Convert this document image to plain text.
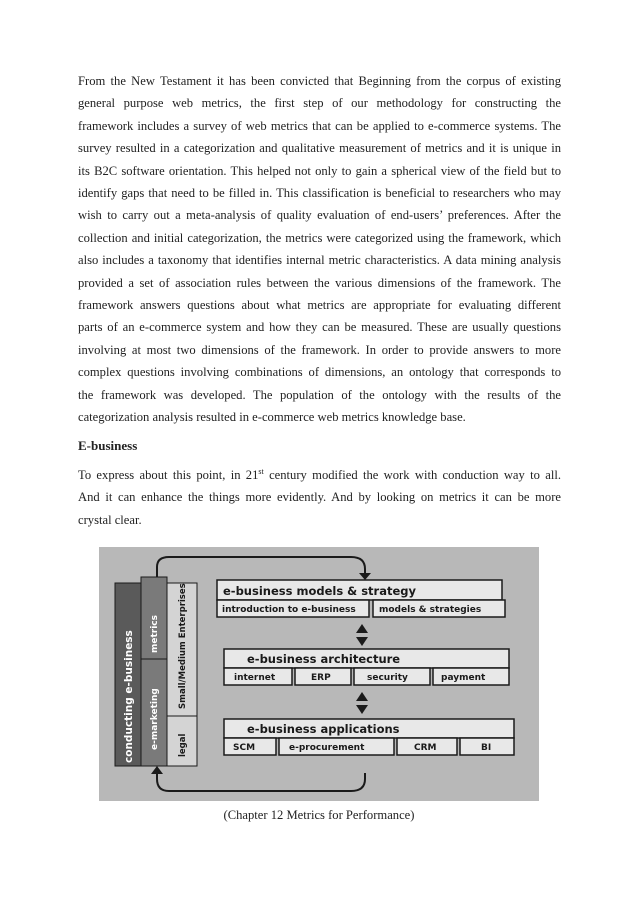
From the New Testament it has been convicted that Beginning from the corpus of existing
general purpose web metrics, the first step of our methodology for constructing the
framework includes a survey of web metrics that can be applied to e-commerce systems. The
survey resulted in a categorization and qualitative measurement of metrics and it is unique in
its B2C software orientation. This helped not only to gain a spherical view of the field but to
identify gaps that need to be filled in. This classification is beneficial to researchers who may
wish to carry out a meta-analysis of quality evaluation of end-users’ preferences. After the
collection and initial categorization, the metrics were categorized using the framework, which
also includes a taxonomy that identifies internal metric characteristics. A data mining analysis
provided a set of association rules between the various dimensions of the framework. The
framework answers questions about what metrics are appropriate for evaluating different
parts of an e-commerce system and how they can be measured. These are usually questions
involving at most two dimensions of the framework. In order to provide answers to more
complex questions involving combinations of dimensions, an ontology that corresponds to
the framework was developed. The population of the ontology with the results of the
categorization analysis resulted in e-commerce web metrics knowledge base.
E-business
To express about this point, in 21st century modified the work with conduction way to all.
And it can enhance the things more evidently. And by looking on metrics it can be more
crystal clear.
conducting e-business e-marketing
metrics Small/Medium Enterprises
legal
e-business models & strategy
introduction to e-business	models & strategies
e-business architecture
internet	ERP	security	payment
e-business applications
SCM	e-procurement	CRM	BI
(Chapter 12 Metrics for Performance)
